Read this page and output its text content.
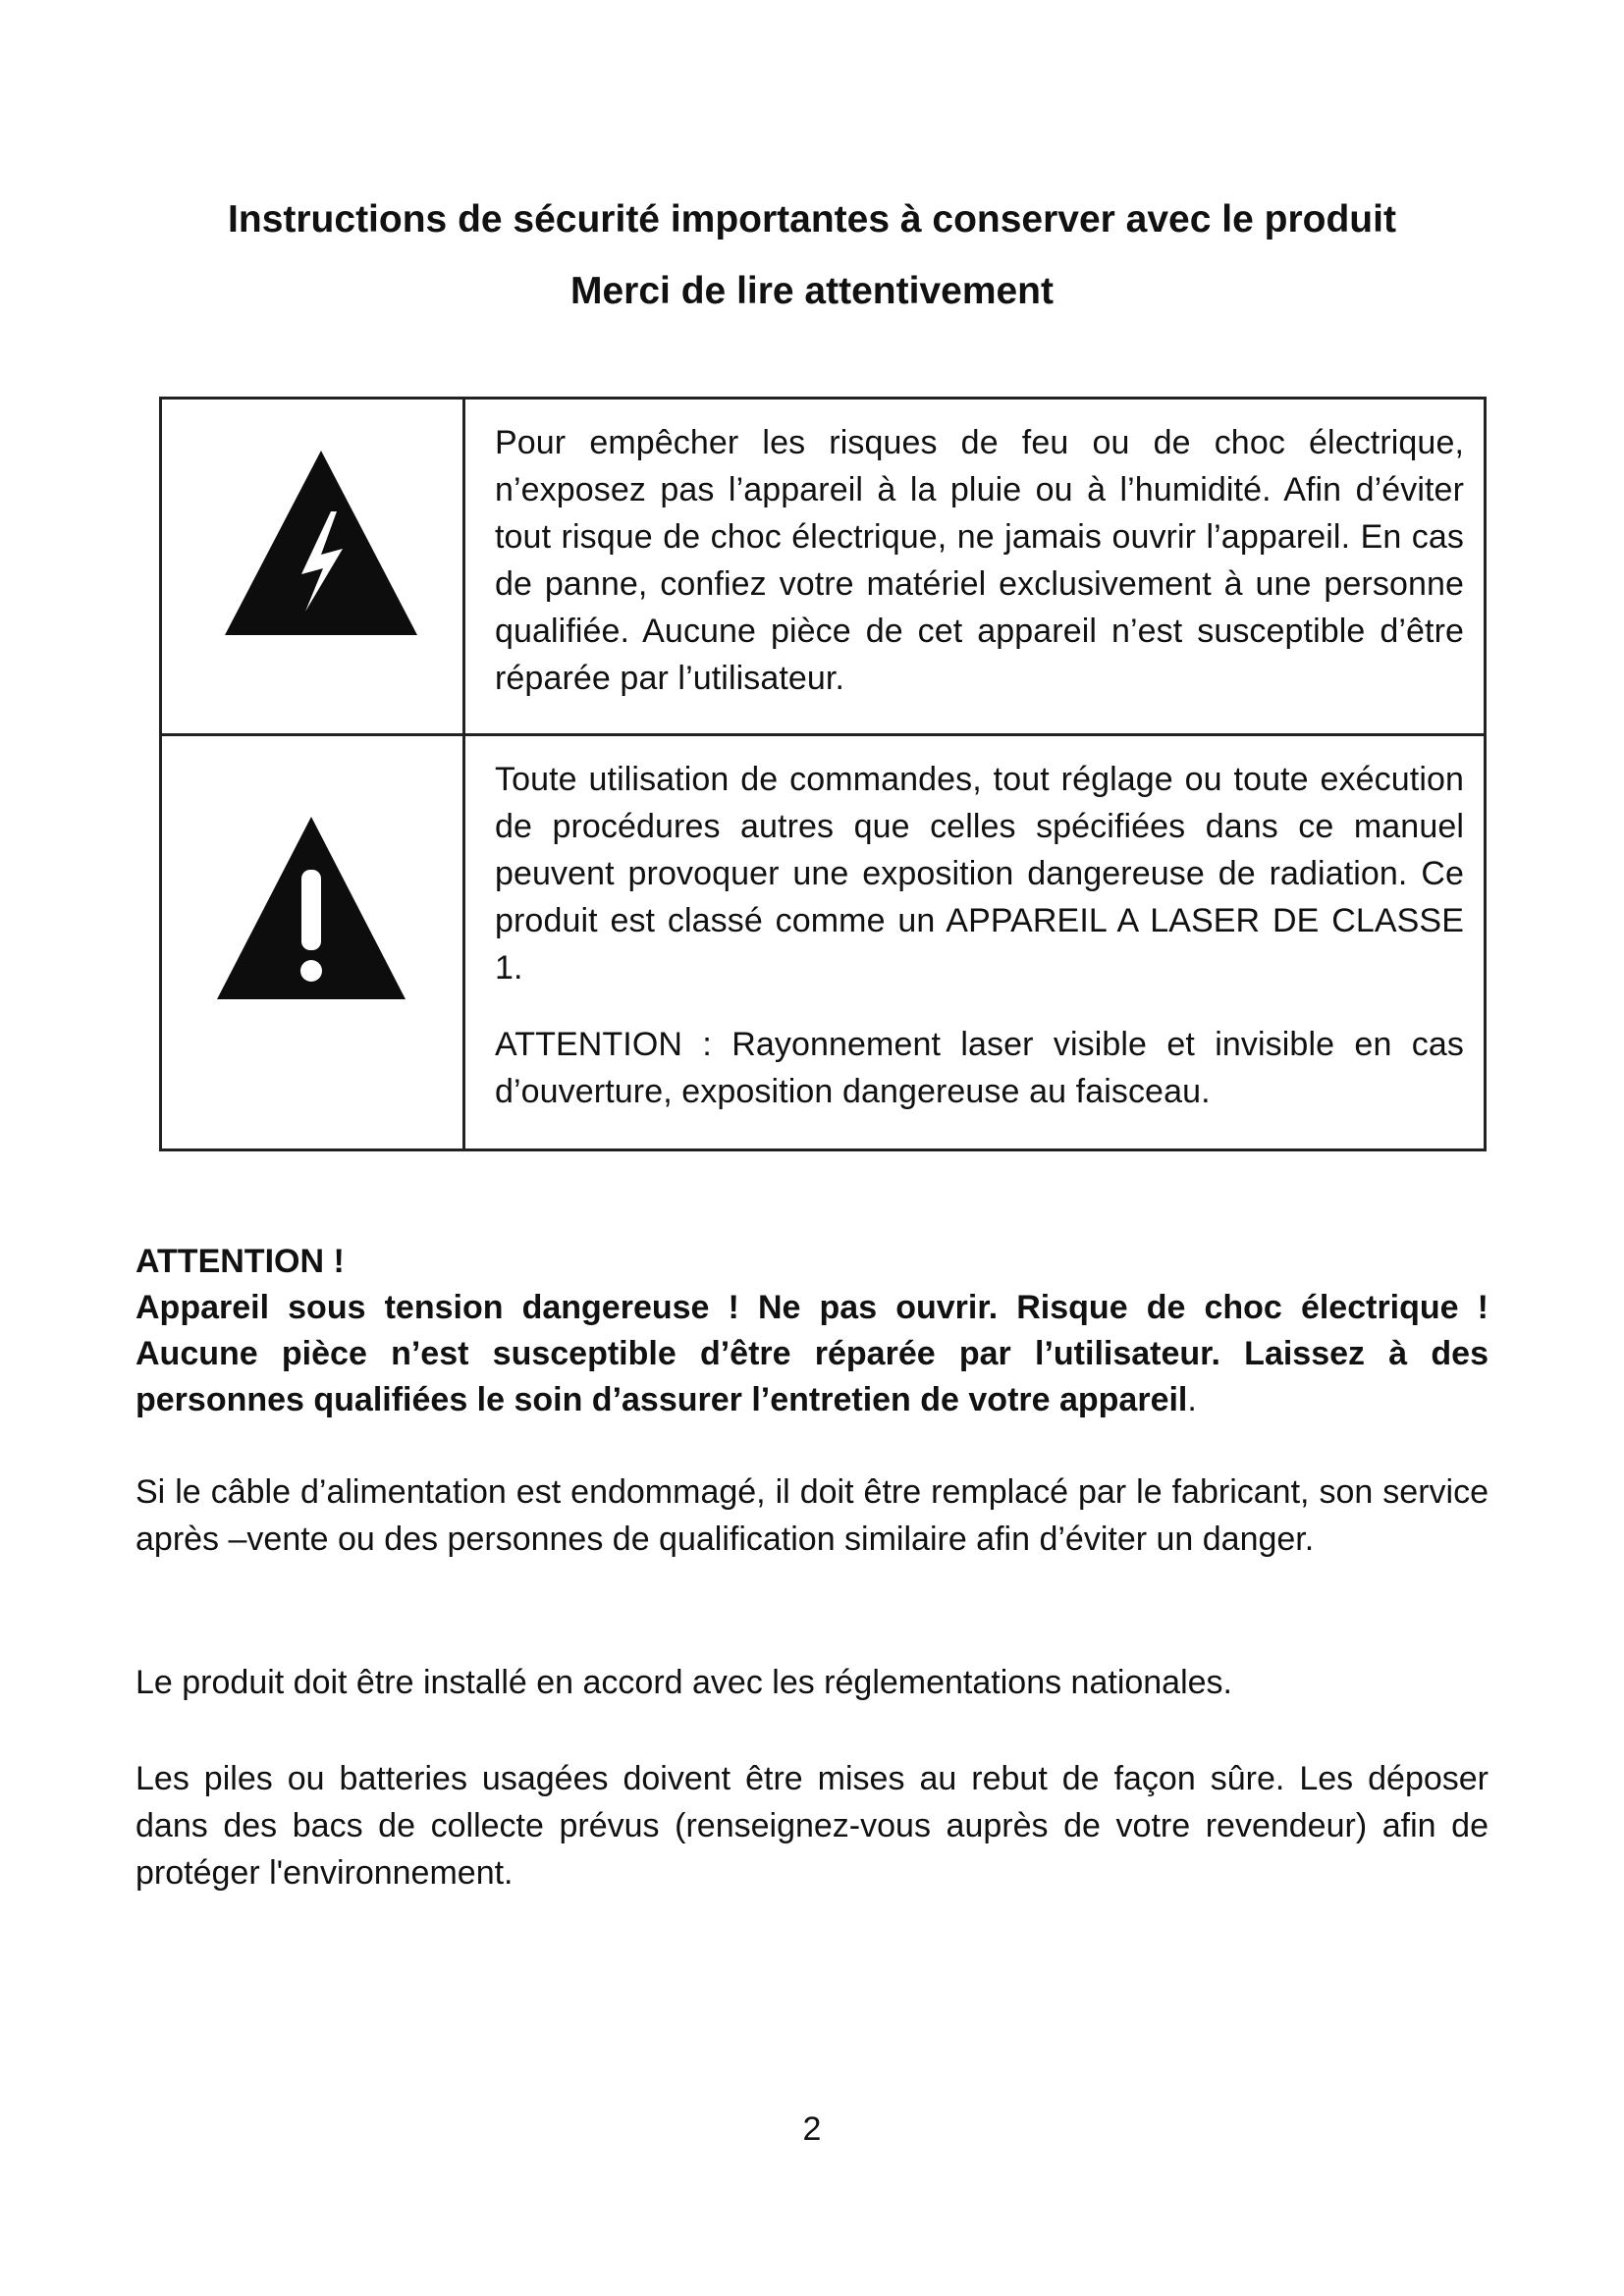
Instructions de sécurité importantes à conserver avec le produit
Merci de lire attentivement

Pour empêcher les risques de feu ou de choc électrique, n’exposez pas l’appareil à la pluie ou à l’humidité. Afin d’éviter tout risque de choc électrique, ne jamais ouvrir l’appareil. En cas de panne, confiez votre matériel exclusivement à une personne qualifiée. Aucune pièce de cet appareil n’est susceptible d’être réparée par l’utilisateur.

Toute utilisation de commandes, tout réglage ou toute exécution de procédures autres que celles spécifiées dans ce manuel peuvent provoquer une exposition dangereuse de radiation. Ce produit est classé comme un APPAREIL A LASER DE CLASSE 1.

ATTENTION : Rayonnement laser visible et invisible en cas d’ouverture, exposition dangereuse au faisceau.

ATTENTION !

Appareil sous tension dangereuse ! Ne pas ouvrir. Risque de choc électrique ! Aucune pièce n’est susceptible d’être réparée par l’utilisateur. Laissez à des personnes qualifiées le soin d’assurer l’entretien de votre appareil.

Si le câble d’alimentation est endommagé, il doit être remplacé par le fabricant, son service après –vente ou des personnes de qualification similaire afin d’éviter un danger.

Le produit doit être installé en accord avec les réglementations nationales.

Les piles ou batteries usagées doivent être mises au rebut de façon sûre. Les déposer dans des bacs de collecte prévus (renseignez-vous auprès de votre revendeur) afin de protéger l'environnement.

2
